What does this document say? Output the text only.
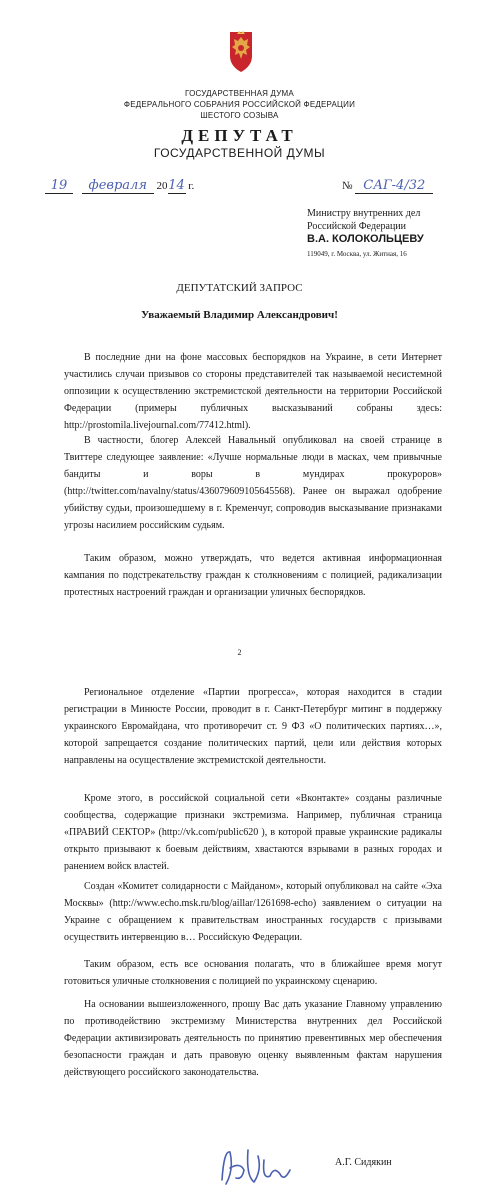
ГОСУДАРСТВЕННАЯ ДУМА
ФЕДЕРАЛЬНОГО СОБРАНИЯ РОССИЙСКОЙ ФЕДЕРАЦИИ
ШЕСТОГО СОЗЫВА
ДЕПУТАТ
ГОСУДАРСТВЕННОЙ ДУМЫ
19 февраля 2014 г.	№ САГ-4/32
Министру внутренних дел
Российской Федерации
В.А. КОЛОКОЛЬЦЕВУ
119049, г. Москва, ул. Житная, 16
ДЕПУТАТСКИЙ ЗАПРОС
Уважаемый Владимир Александрович!
В последние дни на фоне массовых беспорядков на Украине, в сети Интернет участились случаи призывов со стороны представителей так называемой несистемной оппозиции к осуществлению экстремистской деятельности на территории Российской Федерации (примеры публичных высказываний собраны здесь: http://prostomila.livejournal.com/77412.html).
В частности, блогер Алексей Навальный опубликовал на своей странице в Твиттере следующее заявление: «Лучше нормальные люди в масках, чем привычные бандиты и воры в мундирах прокуроров» (http://twitter.com/navalny/status/436079609105645568). Ранее он выражал одобрение убийству судьи, произошедшему в г. Кременчуг, сопроводив высказывание признаками угрозы насилием российским судьям.
Таким образом, можно утверждать, что ведется активная информационная кампания по подстрекательству граждан к столкновениям с полицией, радикализации протестных настроений граждан и организации уличных беспорядков.
2
Региональное отделение «Партии прогресса», которая находится в стадии регистрации в Минюсте России, проводит в г. Санкт-Петербург митинг в поддержку украинского Евромайдана, что противоречит ст. 9 ФЗ «О политических партиях…», которой запрещается создание политических партий, цели или действия которых направлены на осуществление экстремистской деятельности.
Кроме этого, в российской социальной сети «Вконтакте» созданы различные сообщества, содержащие признаки экстремизма. Например, публичная страница «ПРАВИЙ СЕКТОР» (http://vk.com/public620 ), в которой правые украинские радикалы открыто призывают к боевым действиям, хвастаются взрывами в разных городах и ранением войск властей.
Создан «Комитет солидарности с Майданом», который опубликовал на сайте «Эха Москвы» (http://www.echo.msk.ru/blog/aillar/1261698-echo) заявлением о ситуации на Украине с обращением к правительствам иностранных государств с призывами осуществить интервенцию в… Российскую Федерации.
Таким образом, есть все основания полагать, что в ближайшее время могут готовиться уличные столкновения с полицией по украинскому сценарию.
На основании вышеизложенного, прошу Вас дать указание Главному управлению по противодействию экстремизму Министерства внутренних дел Российской Федерации активизировать деятельность по принятию превентивных мер обеспечения безопасности граждан и дать правовую оценку выявленным фактам нарушения действующего российского законодательства.
А.Г. Сидякин
